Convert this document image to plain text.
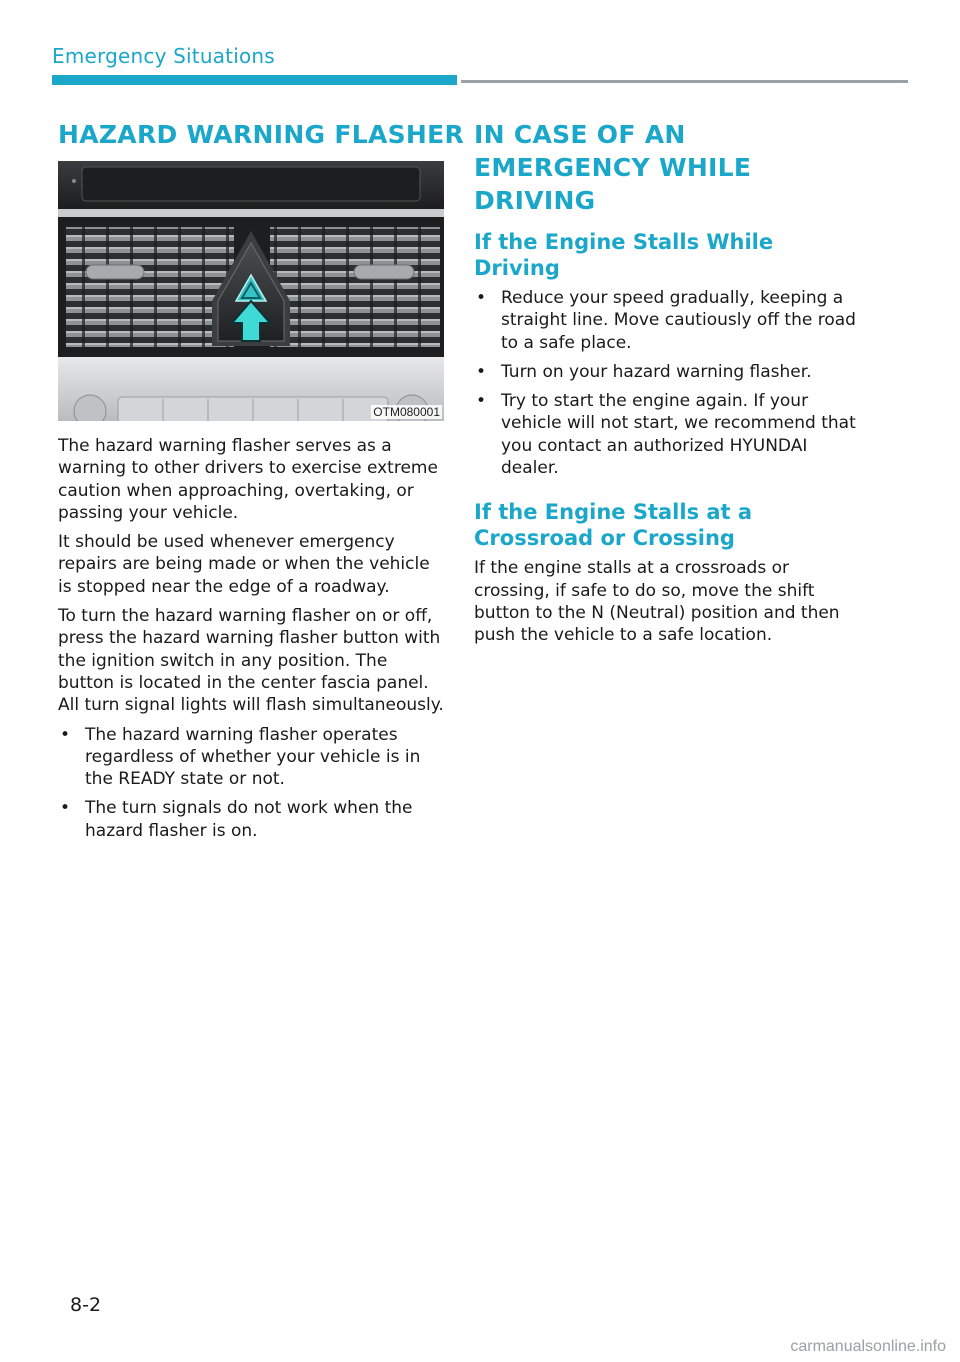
Emergency Situations
HAZARD WARNING FLASHER
OTM080001

The hazard warning flasher serves as a warning to other drivers to exercise extreme caution when approaching, overtaking, or passing your vehicle.

It should be used whenever emergency repairs are being made or when the vehicle is stopped near the edge of a roadway.

To turn the hazard warning flasher on or off, press the hazard warning flasher button with the ignition switch in any position. The button is located in the center fascia panel. All turn signal lights will flash simultaneously.

• The hazard warning flasher operates regardless of whether your vehicle is in the READY state or not.
• The turn signals do not work when the hazard flasher is on.
IN CASE OF AN EMERGENCY WHILE DRIVING
If the Engine Stalls While Driving
• Reduce your speed gradually, keeping a straight line. Move cautiously off the road to a safe place.
• Turn on your hazard warning flasher.
• Try to start the engine again. If your vehicle will not start, we recommend that you contact an authorized HYUNDAI dealer.
If the Engine Stalls at a Crossroad or Crossing

If the engine stalls at a crossroads or crossing, if safe to do so, move the shift button to the N (Neutral) position and then push the vehicle to a safe location.

8-2
carmanualsonline.info
